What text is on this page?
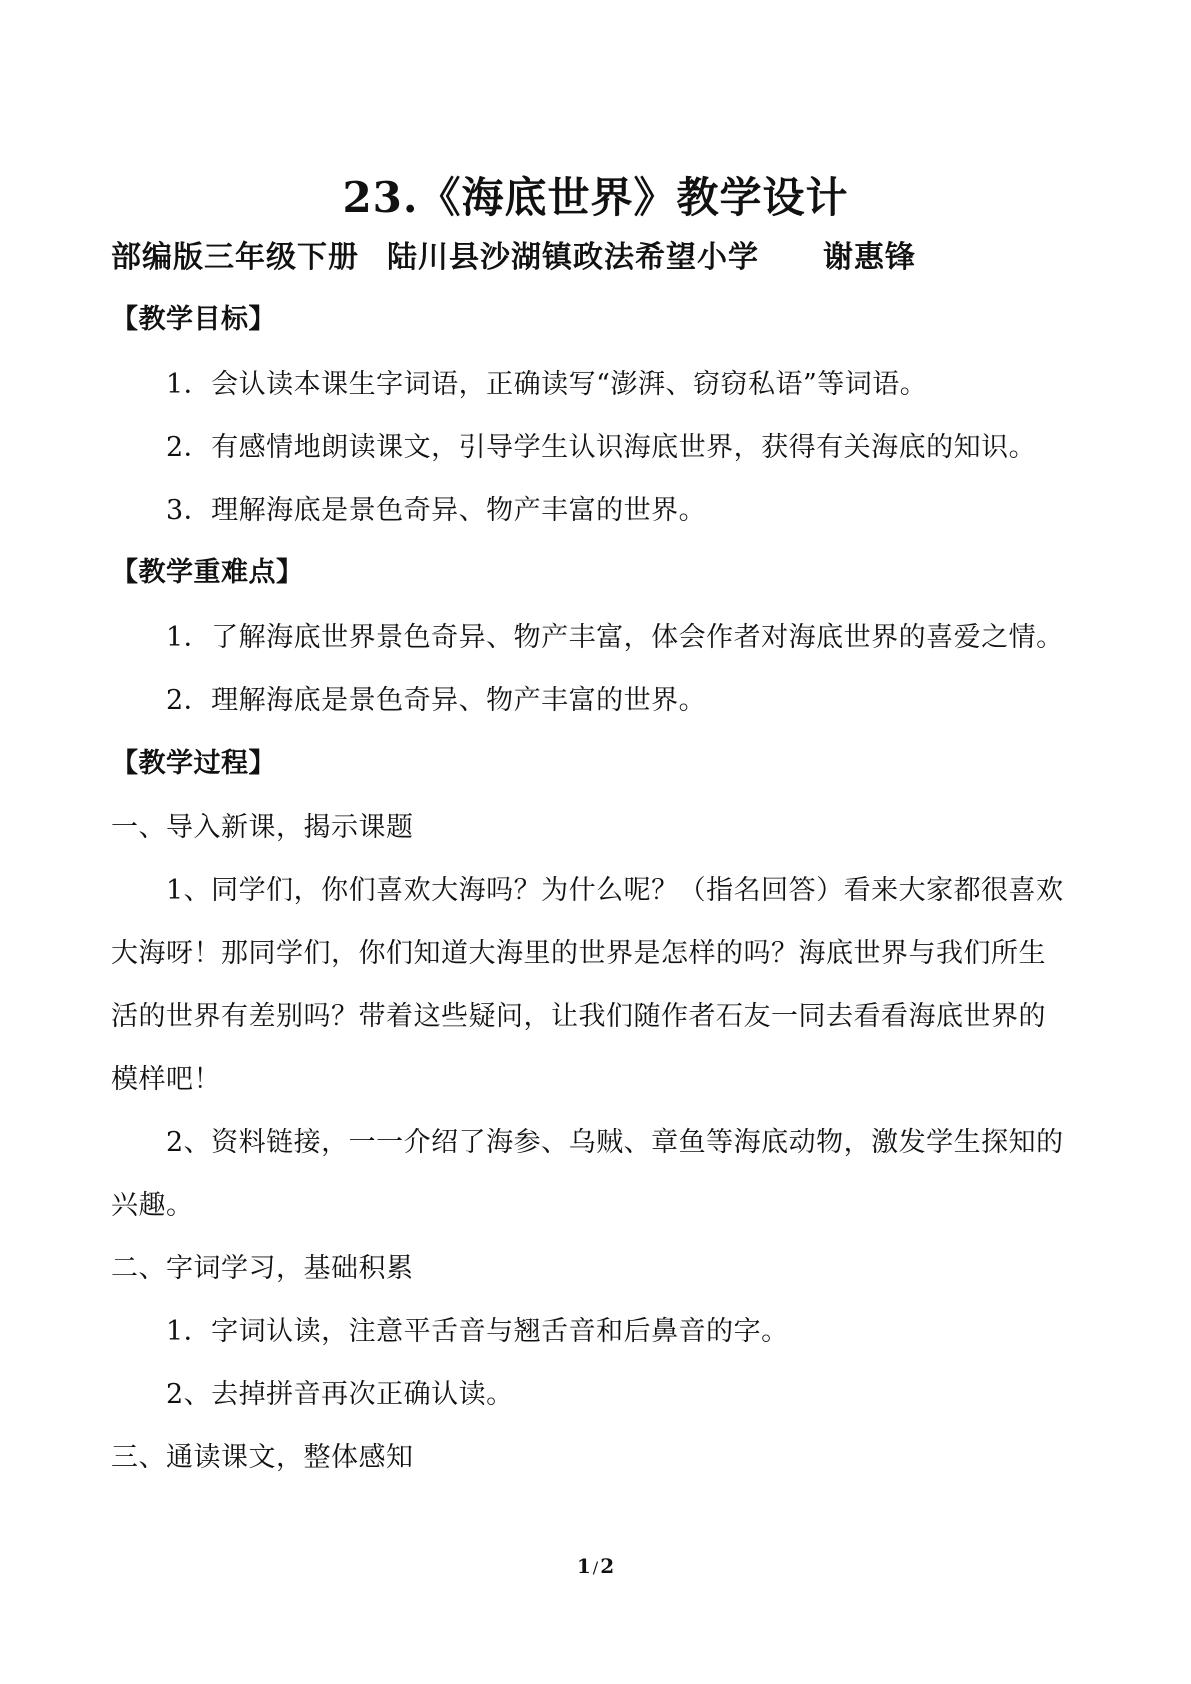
23.《海底世界》教学设计
部编版三年级下册 陆川县沙湖镇政法希望小学 谢惠锋
【教学目标】
1．会认读本课生字词语，正确读写“澎湃、窃窃私语”等词语。
2．有感情地朗读课文，引导学生认识海底世界，获得有关海底的知识。
3．理解海底是景色奇异、物产丰富的世界。
【教学重难点】
1．了解海底世界景色奇异、物产丰富，体会作者对海底世界的喜爱之情。
2．理解海底是景色奇异、物产丰富的世界。
【教学过程】
一、导入新课，揭示课题
1、同学们，你们喜欢大海吗？为什么呢？（指名回答）看来大家都很喜欢
大海呀！那同学们，你们知道大海里的世界是怎样的吗？海底世界与我们所生
活的世界有差别吗？带着这些疑问，让我们随作者石友一同去看看海底世界的
模样吧！
2、资料链接，一一介绍了海参、乌贼、章鱼等海底动物，激发学生探知的
兴趣。
二、字词学习，基础积累
1．字词认读，注意平舌音与翘舌音和后鼻音的字。
2、去掉拼音再次正确认读。
三、通读课文，整体感知
1 / 2
